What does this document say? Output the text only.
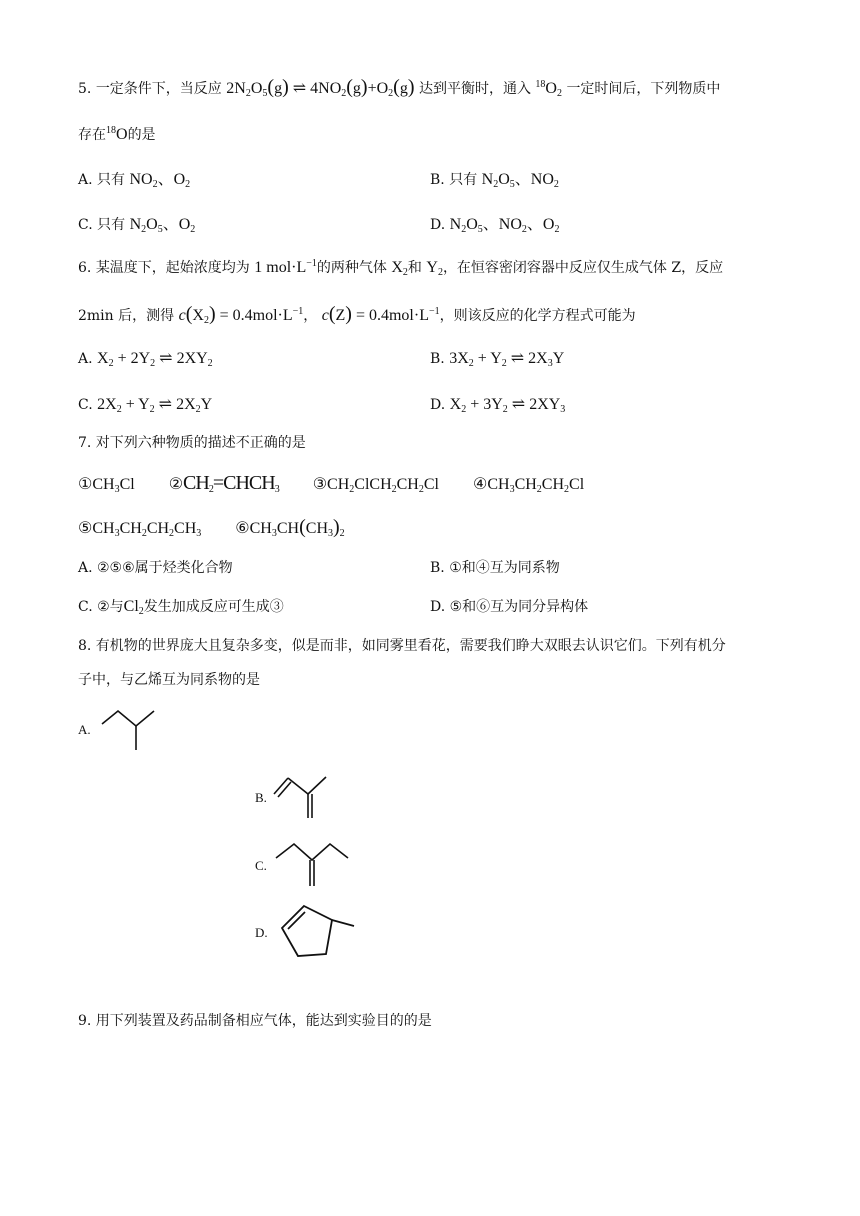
5. 一定条件下，当反应 $2N_2O_5(g)$ ⇌ $4NO_2(g)+O_2(g)$ 达到平衡时，通入 $^{18}O_2$ 一定时间后，下列物质中
存在$^{18}$O的是
A. 只有 $NO_2$、$O_2$	B. 只有 $N_2O_5$、$NO_2$
C. 只有 $N_2O_5$、$O_2$	D. $N_2O_5$、$NO_2$、$O_2$
6. 某温度下，起始浓度均为 1 $mol\cdot L^{-1}$的两种气体 $X_2$和 $Y_2$，在恒容密闭容器中反应仅生成气体 Z，反应
2min 后，测得 $c(X_2) = 0.4mol\cdot L^{-1}$， $c(Z) = 0.4mol\cdot L^{-1}$，则该反应的化学方程式可能为
A. $X_2 + 2Y_2$ ⇌ $2XY_2$	B. $3X_2 + Y_2$ ⇌ $2X_3Y$
C. $2X_2 + Y_2$ ⇌ $2X_2Y$	D. $X_2 + 3Y_2$ ⇌ $2XY_3$
7. 对下列六种物质的描述不正确的是
$①CH_3Cl$ $②CH_2=CHCH_3$ $③CH_2ClCH_2CH_2Cl$ $④CH_3CH_2CH_2Cl$
$⑤CH_3CH_2CH_2CH_3$ $⑥CH_3CH(CH_3)_2$
A. ②⑤⑥属于烃类化合物	B. ①和④互为同系物
C. ②与$Cl_2$发生加成反应可生成③	D. ⑤和⑥互为同分异构体
8. 有机物的世界庞大且复杂多变，似是而非，如同雾里看花，需要我们睁大双眼去认识它们。下列有机分
子中，与乙烯互为同系物的是
A.
B.
C.
D.
9. 用下列装置及药品制备相应气体，能达到实验目的的是
